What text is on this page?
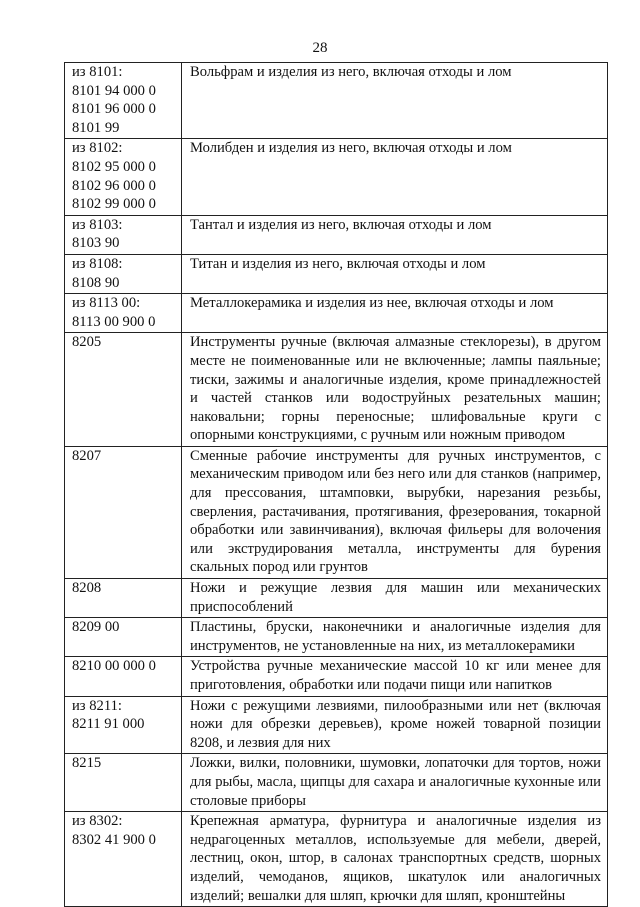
28
из 8101:
8101 94 000 0
8101 96 000 0
8101 99	Вольфрам и изделия из него, включая отходы и лом

из 8102:
8102 95 000 0
8102 96 000 0
8102 99 000 0	Молибден и изделия из него, включая отходы и лом

из 8103:
8103 90	Тантал и изделия из него, включая отходы и лом

из 8108:
8108 90	Титан и изделия из него, включая отходы и лом

из 8113 00:
8113 00 900 0	Металлокерамика и изделия из нее, включая отходы и лом

8205	Инструменты ручные (включая алмазные стеклорезы), в другом месте не поименованные или не включенные; лампы паяльные; тиски, зажимы и аналогичные изделия, кроме принадлежностей и частей станков или водоструйных резательных машин; наковальни; горны переносные; шлифовальные круги с опорными конструкциями, с ручным или ножным приводом

8207	Сменные рабочие инструменты для ручных инструментов, с механическим приводом или без него или для станков (например, для прессования, штамповки, вырубки, нарезания резьбы, сверления, растачивания, протягивания, фрезерования, токарной обработки или завинчивания), включая фильеры для волочения или экструдирования металла, инструменты для бурения скальных пород или грунтов

8208	Ножи и режущие лезвия для машин или механических приспособлений

8209 00	Пластины, бруски, наконечники и аналогичные изделия для инструментов, не установленные на них, из металлокерамики

8210 00 000 0	Устройства ручные механические массой 10 кг или менее для приготовления, обработки или подачи пищи или напитков

из 8211:
8211 91 000	Ножи с режущими лезвиями, пилообразными или нет (включая ножи для обрезки деревьев), кроме ножей товарной позиции 8208, и лезвия для них

8215	Ложки, вилки, половники, шумовки, лопаточки для тортов, ножи для рыбы, масла, щипцы для сахара и аналогичные кухонные или столовые приборы

из 8302:
8302 41 900 0	Крепежная арматура, фурнитура и аналогичные изделия из недрагоценных металлов, используемые для мебели, дверей, лестниц, окон, штор, в салонах транспортных средств, шорных изделий, чемоданов, ящиков, шкатулок или аналогичных изделий; вешалки для шляп, крючки для шляп, кронштейны
